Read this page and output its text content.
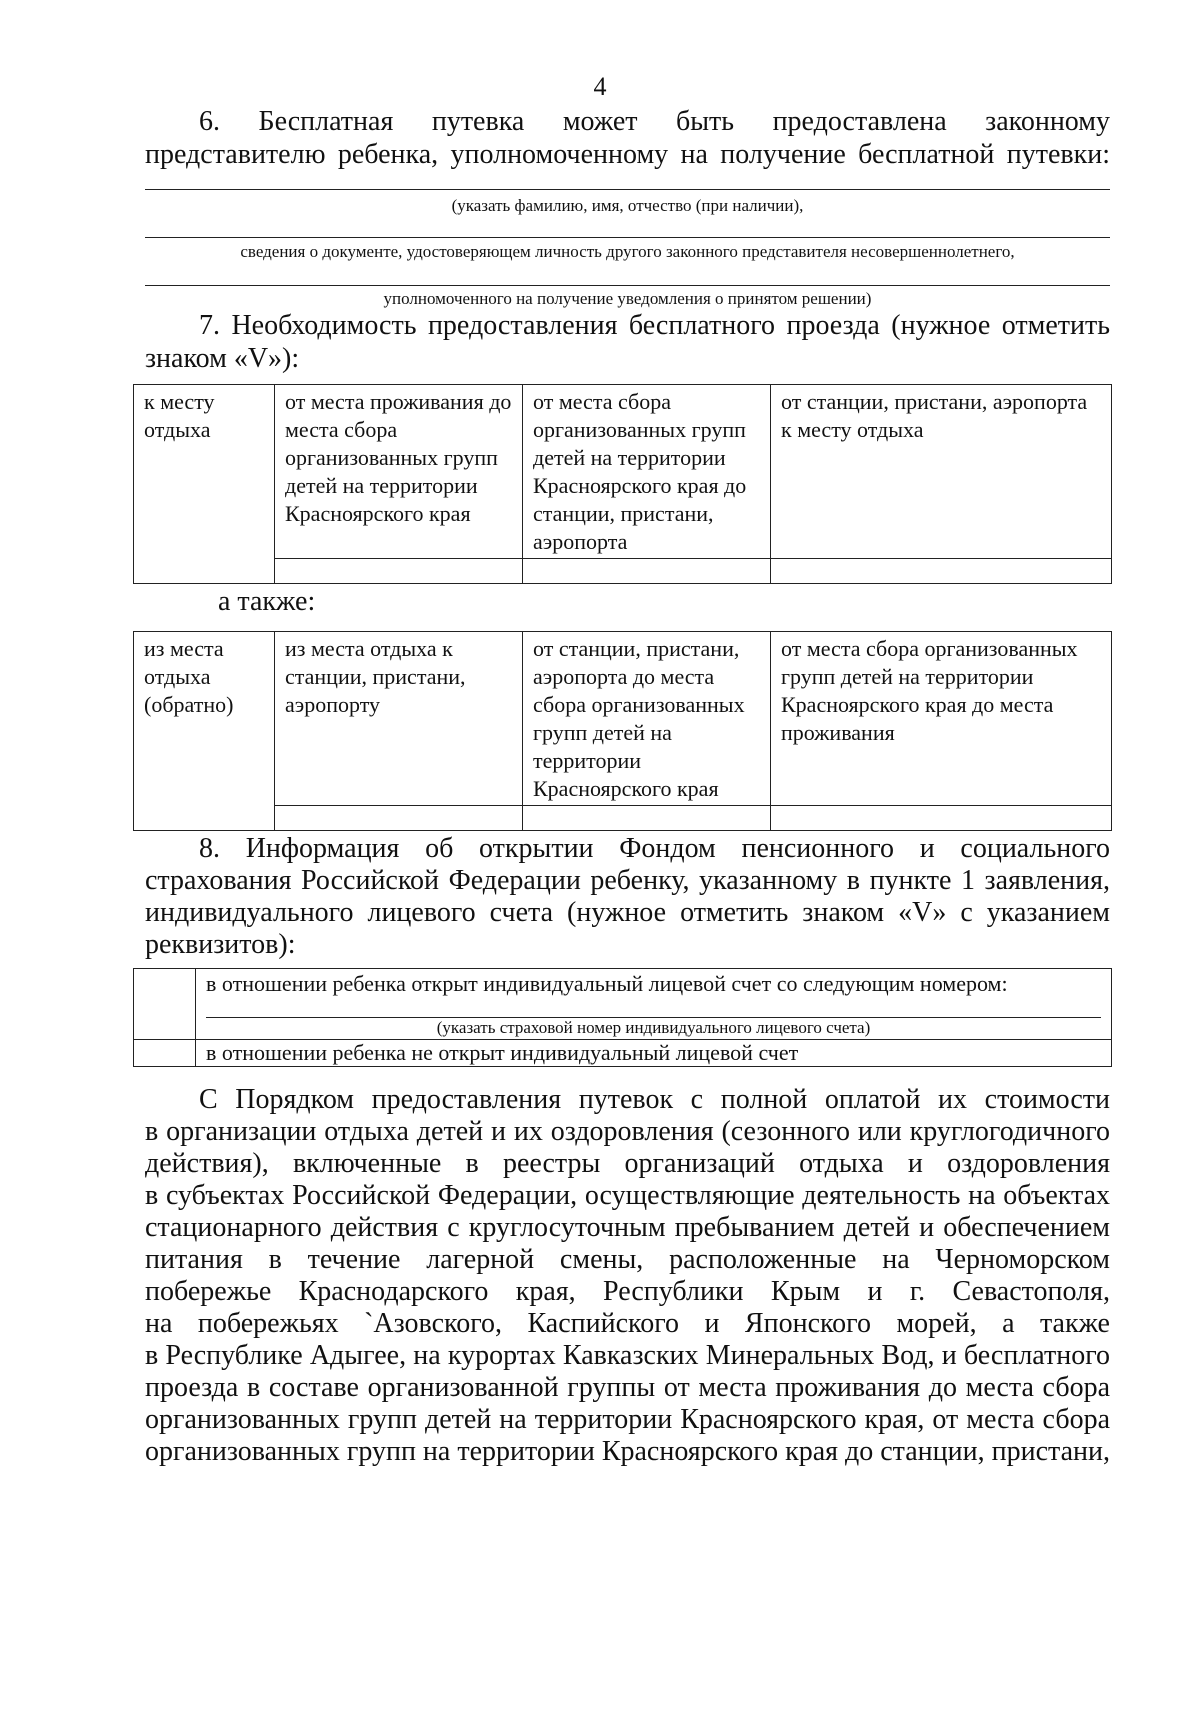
4
6. Бесплатная путевка может быть предоставлена законному
представителю ребенка, уполномоченному на получение бесплатной путевки:
(указать фамилию, имя, отчество (при наличии),
сведения о документе, удостоверяющем личность другого законного представителя несовершеннолетнего,
уполномоченного на получение уведомления о принятом решении)
7. Необходимость предоставления бесплатного проезда (нужное отметить
знаком «V»):
к месту отдыха	от места проживания до места сбора организованных групп детей на территории Красноярского края	от места сбора организованных групп детей на территории Красноярского края до станции, пристани, аэропорта	от станции, пристани, аэропорта к месту отдыха

а также:
из места отдыха (обратно)	из места отдыха к станции, пристани, аэропорту	от станции, пристани, аэропорта до места сбора организованных групп детей на территории Красноярского края	от места сбора организованных групп детей на территории Красноярского края до места проживания

8. Информация об открытии Фондом пенсионного и социального
страхования Российской Федерации ребенку, указанному в пункте 1 заявления,
индивидуального лицевого счета (нужное отметить знаком «V» с указанием
реквизитов):

	в отношении ребенка открыт индивидуальный лицевой счет со следующим номером:
(указать страховой номер индивидуального лицевого счета)

	в отношении ребенка не открыт индивидуальный лицевой счет
С Порядком предоставления путевок с полной оплатой их стоимости
в организации отдыха детей и их оздоровления (сезонного или круглогодичного
действия), включенные в реестры организаций отдыха и оздоровления
в субъектах Российской Федерации, осуществляющие деятельность на объектах
стационарного действия с круглосуточным пребыванием детей и обеспечением
питания в течение лагерной смены, расположенные на Черноморском
побережье Краснодарского края, Республики Крым и г. Севастополя,
на побережьях `Азовского, Каспийского и Японского морей, а также
в Республике Адыгее, на курортах Кавказских Минеральных Вод, и бесплатного
проезда в составе организованной группы от места проживания до места сбора
организованных групп детей на территории Красноярского края, от места сбора
организованных групп на территории Красноярского края до станции, пристани,
